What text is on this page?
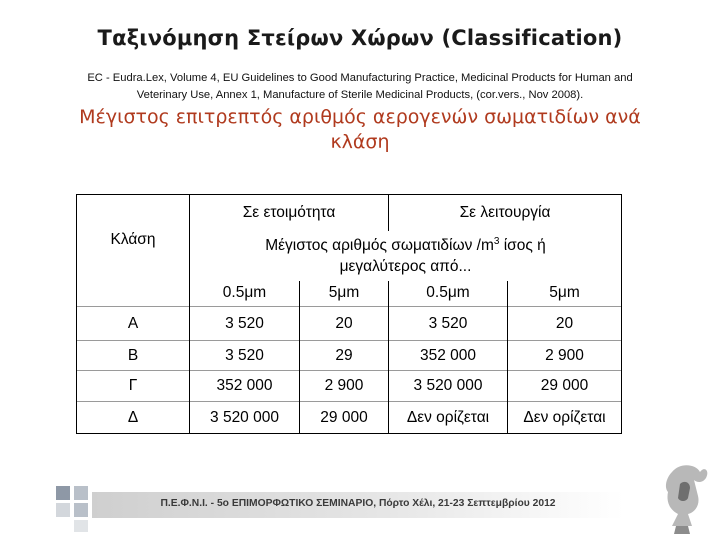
Ταξινόμηση Στείρων Χώρων (Classification)
EC - Eudra.Lex, Volume 4, EU Guidelines to Good Manufacturing Practice, Medicinal Products for Human and
Veterinary Use, Annex 1, Manufacture of Sterile Medicinal Products, (cor.vers., Nov 2008).
Μέγιστος επιτρεπτός αριθμός αερογενών σωματιδίων ανά
κλάση
Κλάση	Σε ετοιμότητα		Σε λειτουργία	
	Μέγιστος αριθμός σωματιδίων $/m^3$ ίσος ή
μεγαλύτερος από...			
	0.5μm	5μm	0.5μm	5μm
Α	3 520	20	3 520	20
Β	3 520	29	352 000	2 900
Γ	352 000	2 900	3 520 000	29 000
Δ	3 520 000	29 000	Δεν ορίζεται	Δεν ορίζεται
Π.Ε.Φ.Ν.Ι. - 5ο ΕΠΙΜΟΡΦΩΤΙΚΟ ΣΕΜΙΝΑΡΙΟ, Πόρτο Χέλι, 21-23 Σεπτεμβρίου 2012
